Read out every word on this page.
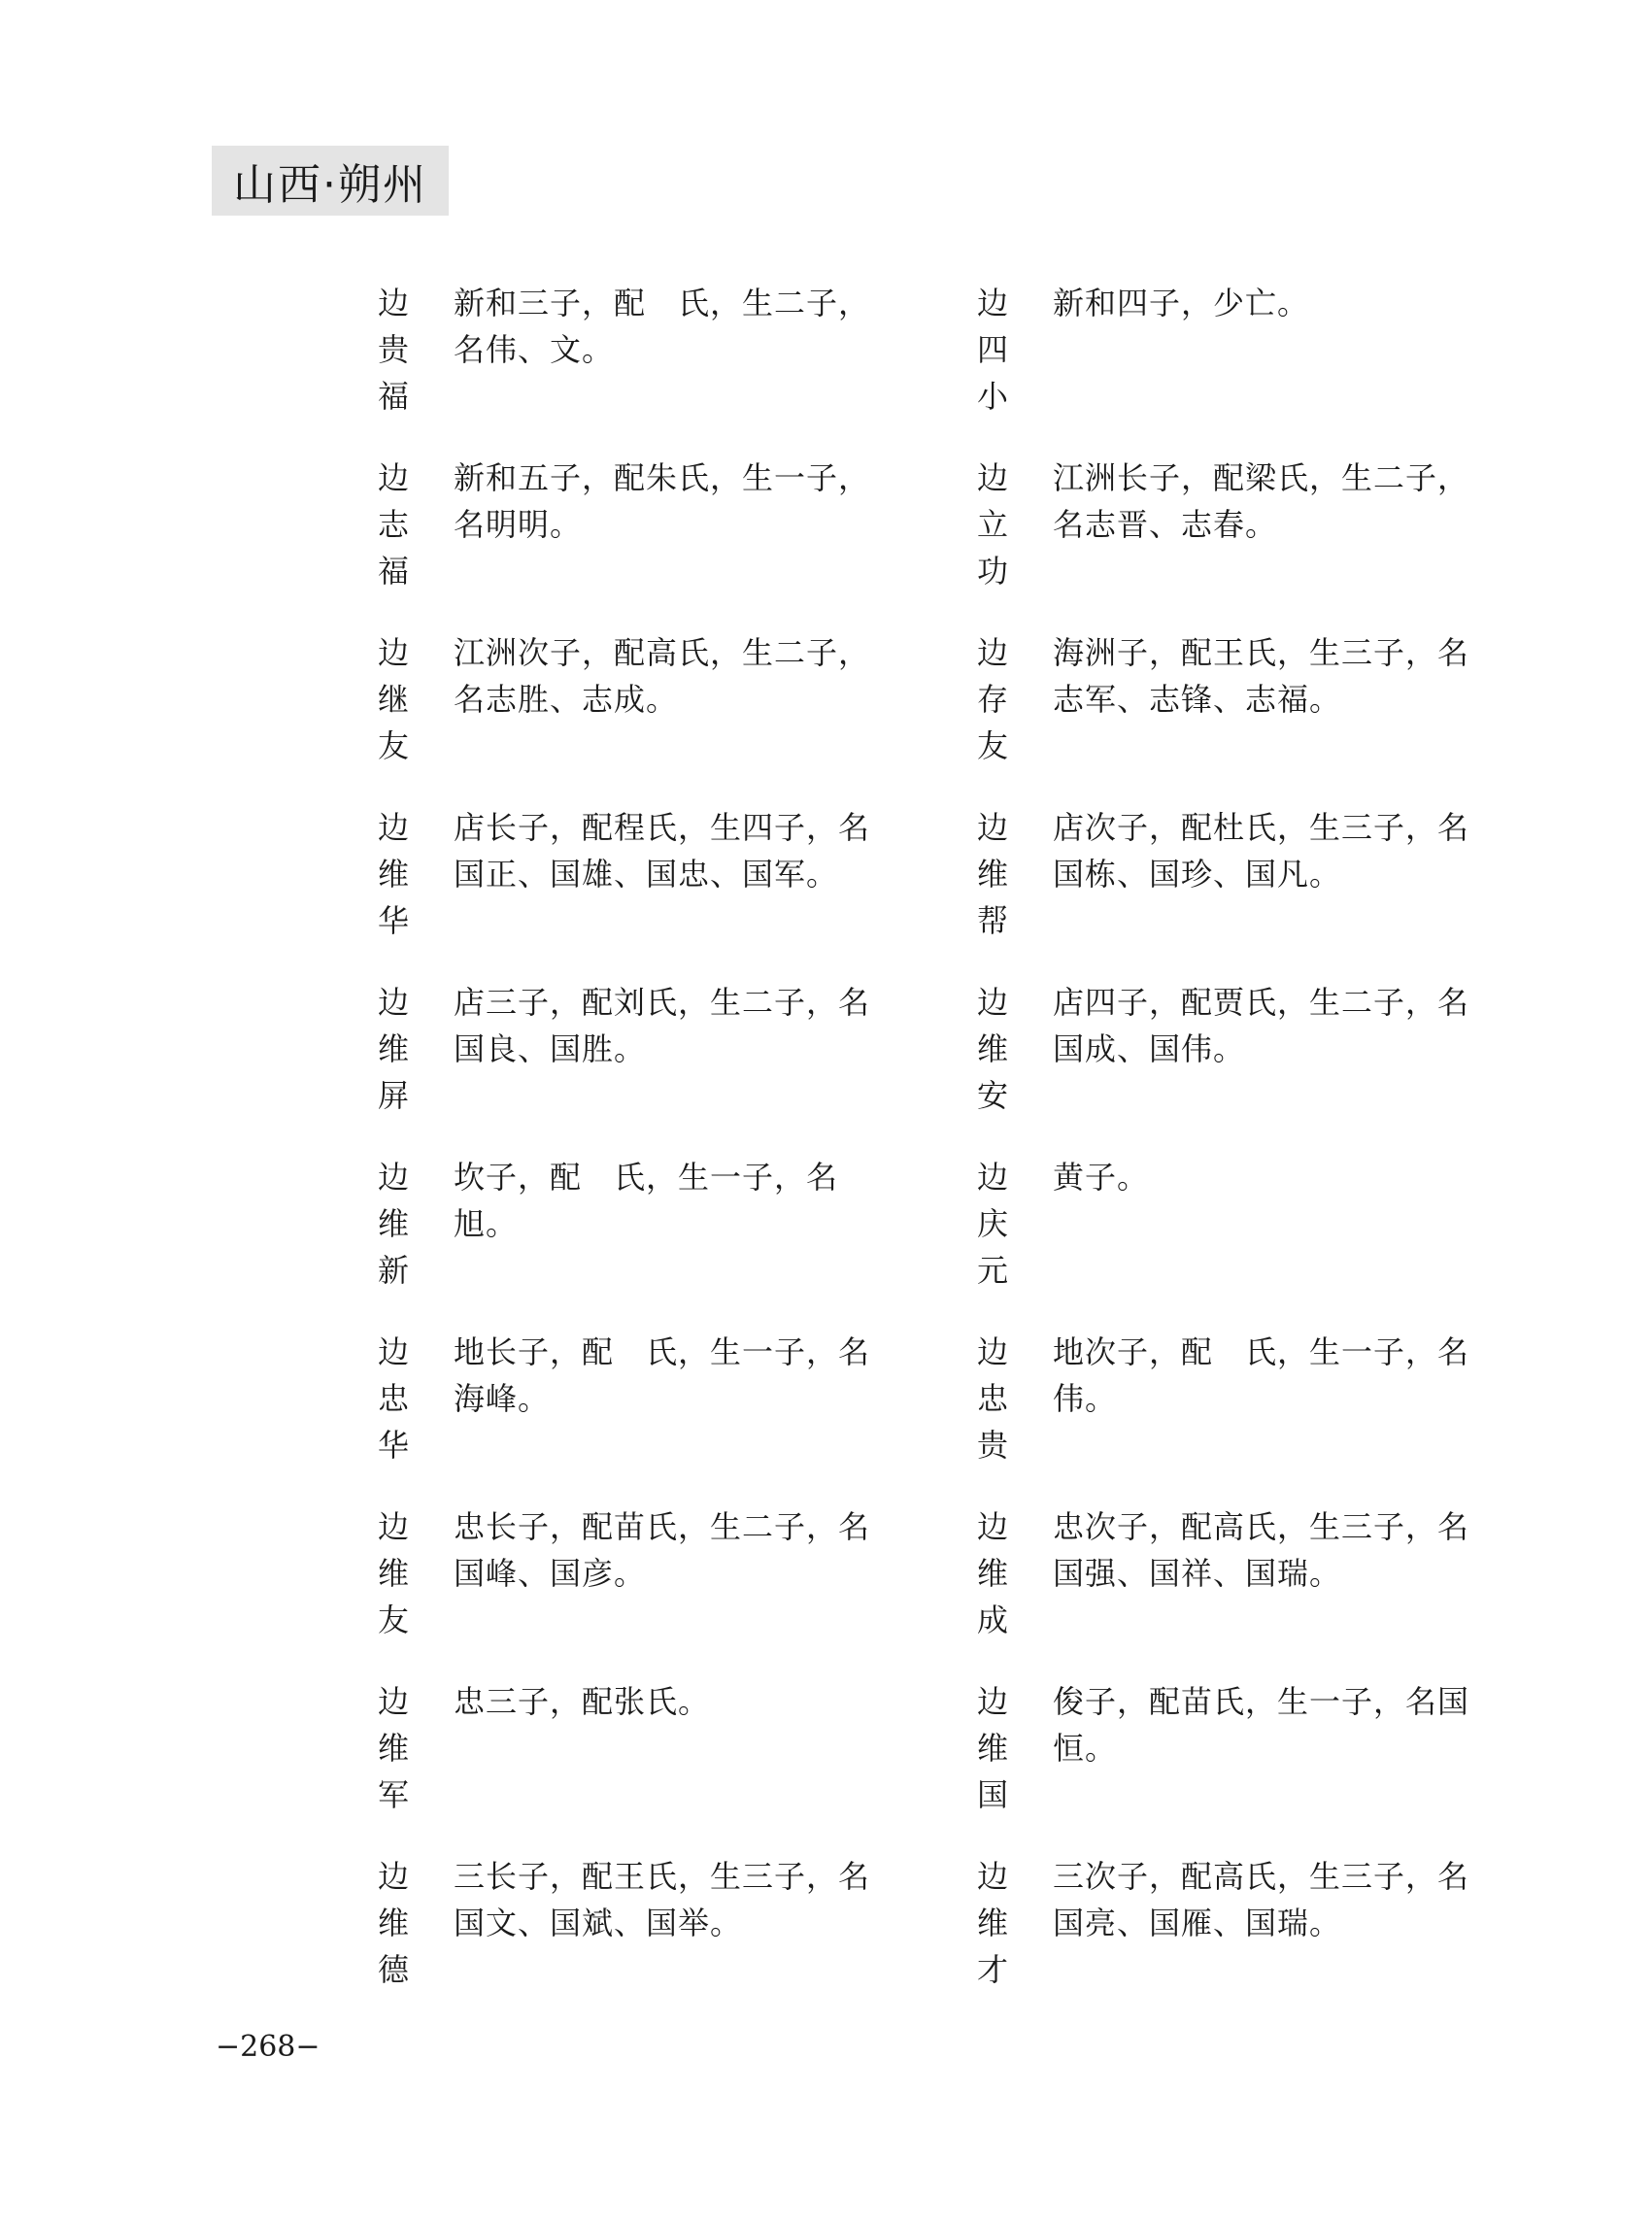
山西·朔州
边
贵
福
新和三子，配　氏，生二子，名伟、文。
边
四
小
新和四子，少亡。
边
志
福
新和五子，配朱氏，生一子，名明明。
边
立
功
江洲长子，配梁氏，生二子，名志晋、志春。
边
继
友
江洲次子，配高氏，生二子，名志胜、志成。
边
存
友
海洲子，配王氏，生三子，名志军、志锋、志福。
边
维
华
店长子，配程氏，生四子，名国正、国雄、国忠、国军。
边
维
帮
店次子，配杜氏，生三子，名国栋、国珍、国凡。
边
维
屏
店三子，配刘氏，生二子，名国良、国胜。
边
维
安
店四子，配贾氏，生二子，名国成、国伟。
边
维
新
坎子，配　氏，生一子，名旭。
边
庆
元
黄子。
边
忠
华
地长子，配　氏，生一子，名海峰。
边
忠
贵
地次子，配　氏，生一子，名伟。
边
维
友
忠长子，配苗氏，生二子，名国峰、国彦。
边
维
成
忠次子，配高氏，生三子，名国强、国祥、国瑞。
边
维
军
忠三子，配张氏。	边
维
国
俊子，配苗氏，生一子，名国恒。
边
维
德
三长子，配王氏，生三子，名国文、国斌、国举。
边
维
才
三次子，配高氏，生三子，名国亮、国雁、国瑞。
−268−
